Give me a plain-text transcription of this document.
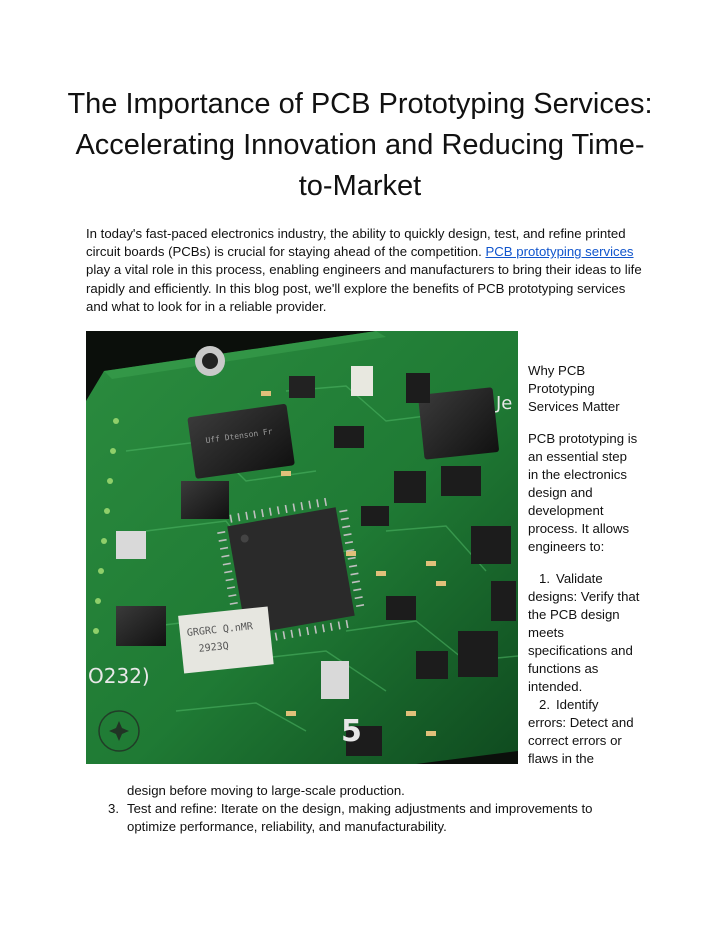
The Importance of PCB Prototyping Services: Accelerating Innovation and Reducing Time-to-Market

In today's fast-paced electronics industry, the ability to quickly design, test, and refine printed circuit boards (PCBs) is crucial for staying ahead of the competition. PCB prototyping services play a vital role in this process, enabling engineers and manufacturers to bring their ideas to life rapidly and efficiently. In this blog post, we'll explore the benefits of PCB prototyping services and what to look for in a reliable provider.

Uff Dtenson Fr
GRGRC Q.nMR
2923Q
O232)
5
Je

Why PCB Prototyping Services Matter

PCB prototyping is an essential step in the electronics design and development process. It allows engineers to:

1. Validate designs: Verify that the PCB design meets specifications and functions as intended.

2. Identify errors: Detect and correct errors or flaws in the

design before moving to large-scale production.

3. Test and refine: Iterate on the design, making adjustments and improvements to optimize performance, reliability, and manufacturability.
